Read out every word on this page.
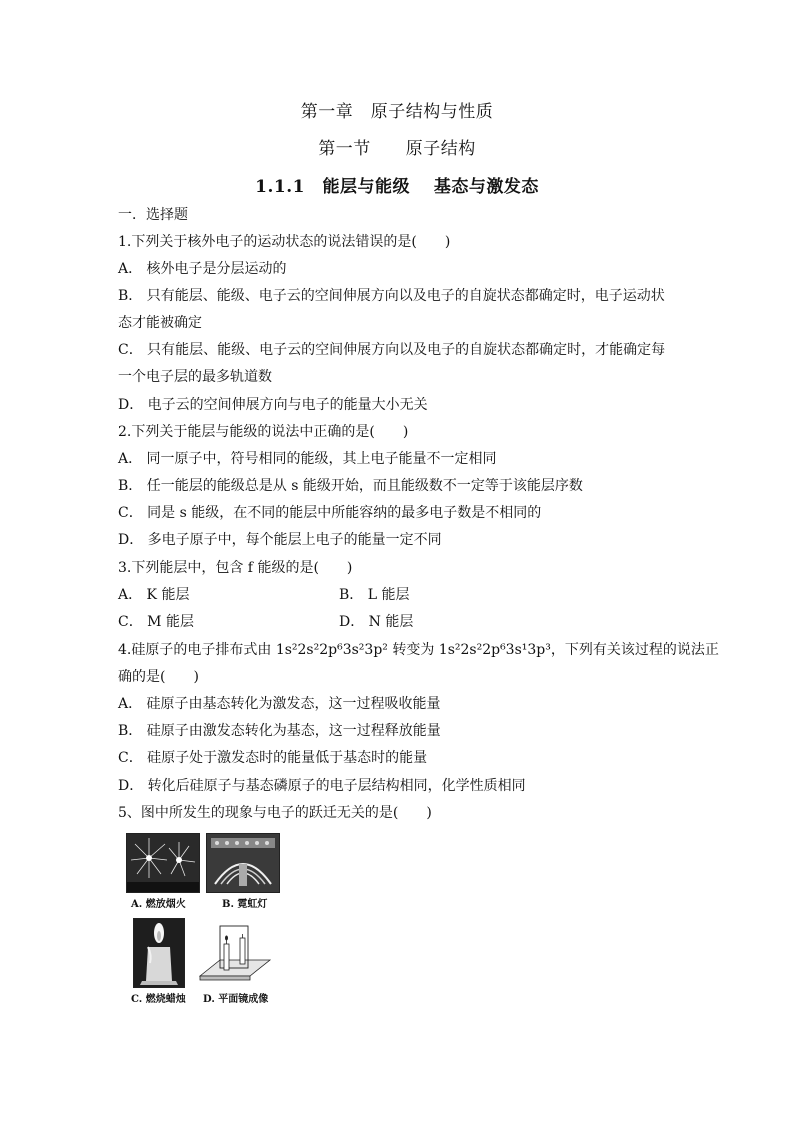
第一章　原子结构与性质
第一节　　原子结构
1.1.1　能层与能级　 基态与激发态
一．选择题
1.下列关于核外电子的运动状态的说法错误的是(　　)
A． 核外电子是分层运动的
B． 只有能层、能级、电子云的空间伸展方向以及电子的自旋状态都确定时，电子运动状
态才能被确定
C． 只有能层、能级、电子云的空间伸展方向以及电子的自旋状态都确定时，才能确定每
一个电子层的最多轨道数
D． 电子云的空间伸展方向与电子的能量大小无关
2.下列关于能层与能级的说法中正确的是(　　)
A． 同一原子中，符号相同的能级，其上电子能量不一定相同
B． 任一能层的能级总是从 s 能级开始，而且能级数不一定等于该能层序数
C． 同是 s 能级，在不同的能层中所能容纳的最多电子数是不相同的
D． 多电子原子中，每个能层上电子的能量一定不同
3.下列能层中，包含 f 能级的是(　　)
A． K 能层	B． L 能层
C． M 能层	D． N 能层
4.硅原子的电子排布式由 1s²2s²2p⁶3s²3p² 转变为 1s²2s²2p⁶3s¹3p³，下列有关该过程的说法正
确的是(　　)
A． 硅原子由基态转化为激发态，这一过程吸收能量
B． 硅原子由激发态转化为基态，这一过程释放能量
C． 硅原子处于激发态时的能量低于基态时的能量
D． 转化后硅原子与基态磷原子的电子层结构相同，化学性质相同
5、图中所发生的现象与电子的跃迁无关的是(　　)
A. 燃放烟火	B. 霓虹灯
C. 燃烧蜡烛 D. 平面镜成像
